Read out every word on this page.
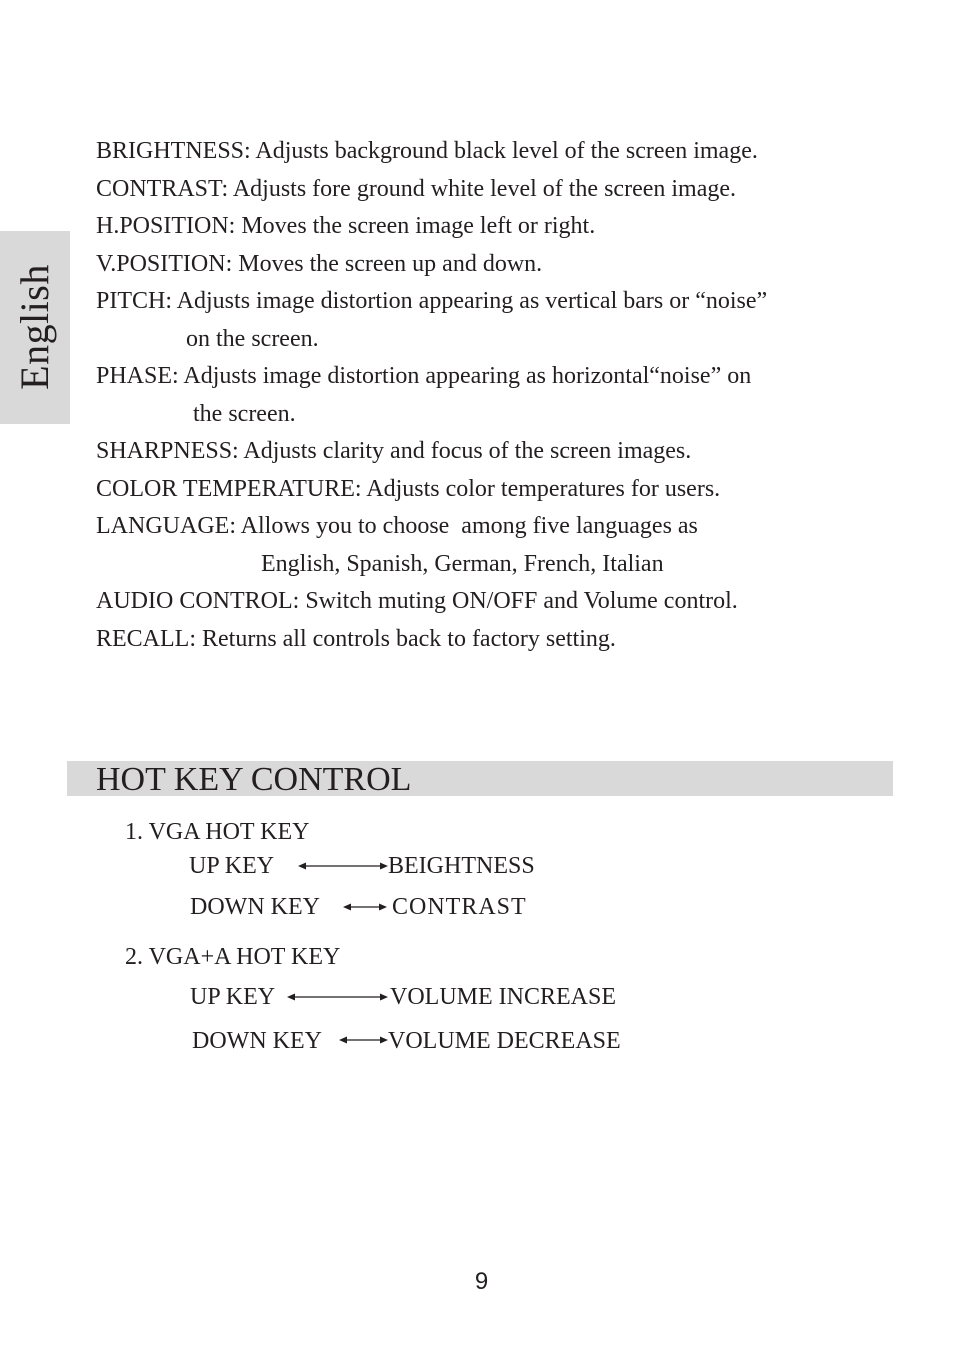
English
BRIGHTNESS: Adjusts background black level of the screen image.
CONTRAST: Adjusts fore ground white level of the screen image.
H.POSITION: Moves the screen image left or right.
V.POSITION: Moves the screen up and down.
PITCH: Adjusts image distortion appearing as vertical bars or “noise”
on the screen.
PHASE: Adjusts image distortion appearing as horizontal“noise” on
the screen.
SHARPNESS: Adjusts clarity and focus of the screen images.
COLOR TEMPERATURE: Adjusts color temperatures for users.
LANGUAGE: Allows you to choose  among five languages as
English, Spanish, German, French, Italian
AUDIO CONTROL: Switch muting ON/OFF and Volume control.
RECALL: Returns all controls back to factory setting.
HOT KEY CONTROL
1. VGA HOT KEY
UP KEY	BEIGHTNESS
DOWN KEY	CONTRAST
2. VGA+A HOT KEY
UP KEY	VOLUME INCREASE
DOWN KEY	VOLUME DECREASE
9
